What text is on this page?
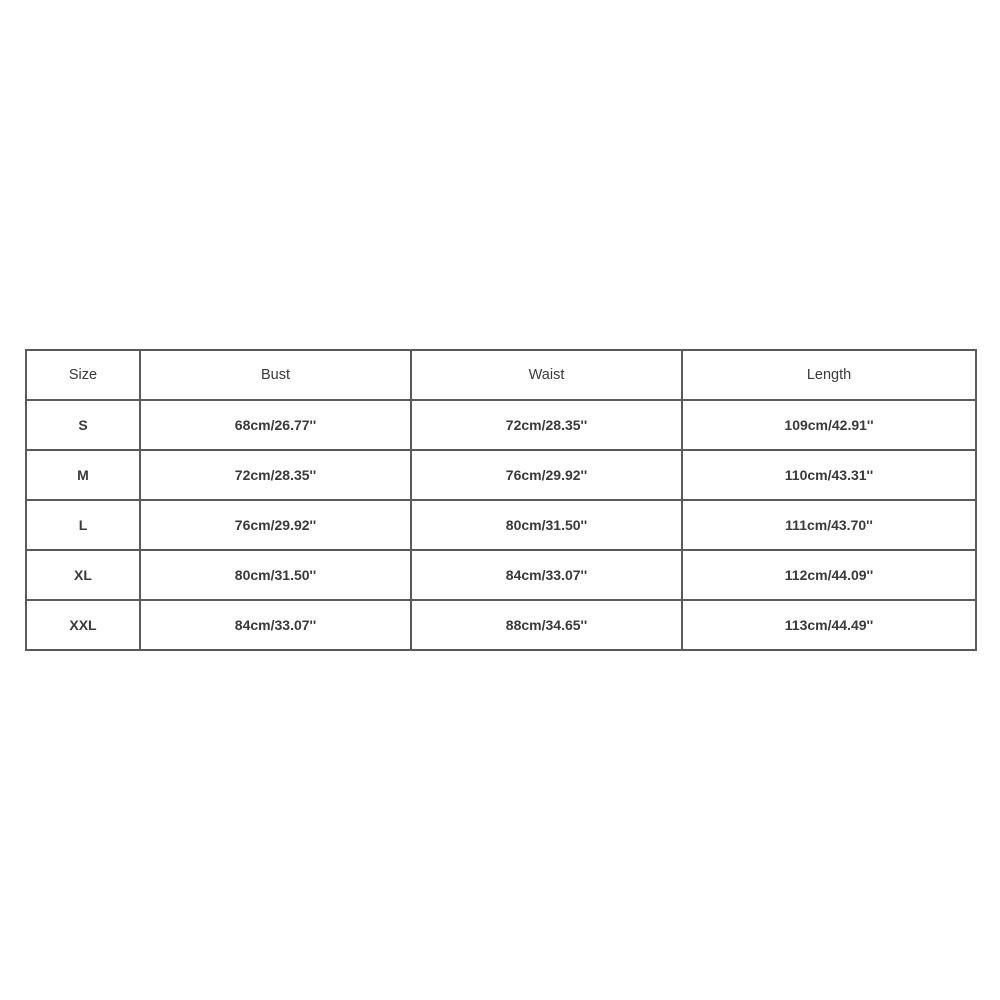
Size	Bust	Waist	Length
S	68cm/26.77''	72cm/28.35''	109cm/42.91''
M	72cm/28.35''	76cm/29.92''	110cm/43.31''
L	76cm/29.92''	80cm/31.50''	111cm/43.70''
XL	80cm/31.50''	84cm/33.07''	112cm/44.09''
XXL	84cm/33.07''	88cm/34.65''	113cm/44.49''
